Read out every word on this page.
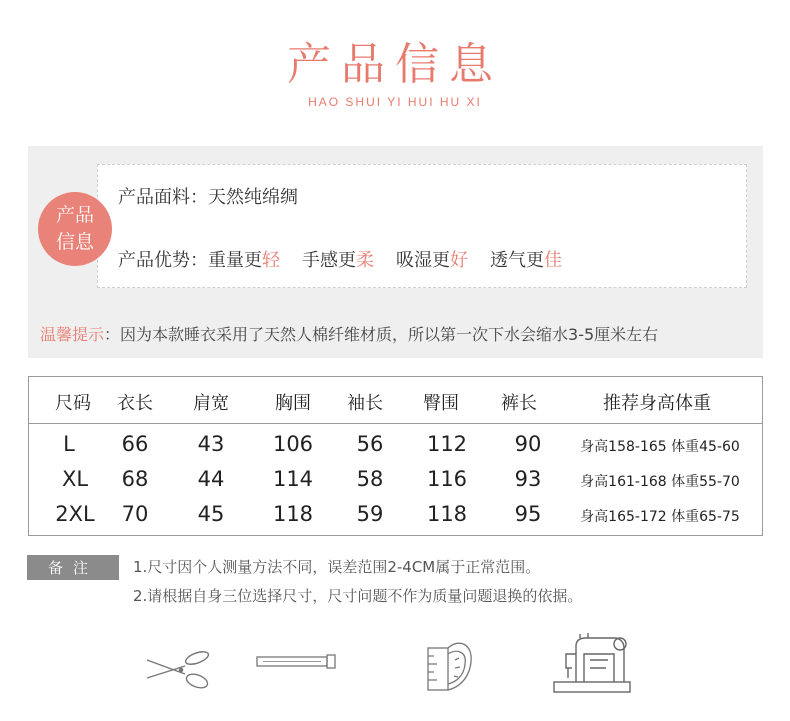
产品信息
HAO SHUI YI HUI HU XI
产品信息
产品面料：天然纯绵绸
产品优势： 重量更轻 手感更柔 吸湿更好 透气更佳
温馨提示：因为本款睡衣采用了天然人棉纤维材质，所以第一次下水会缩水3-5厘米左右
尺码 衣长 肩宽	胸围 袖长 臀围 裤长	推荐身高体重
L 66 43 106 56 112 90	身高158-165 体重45-60
XL 68 44 114 58 116 93	身高161-168 体重55-70
2XL 70 45 118 59 118 95	身高165-172 体重65-75
备注	1.尺寸因个人测量方法不同，误差范围2-4CM属于正常范围。
2.请根据自身三位选择尺寸，尺寸问题不作为质量问题退换的依据。
